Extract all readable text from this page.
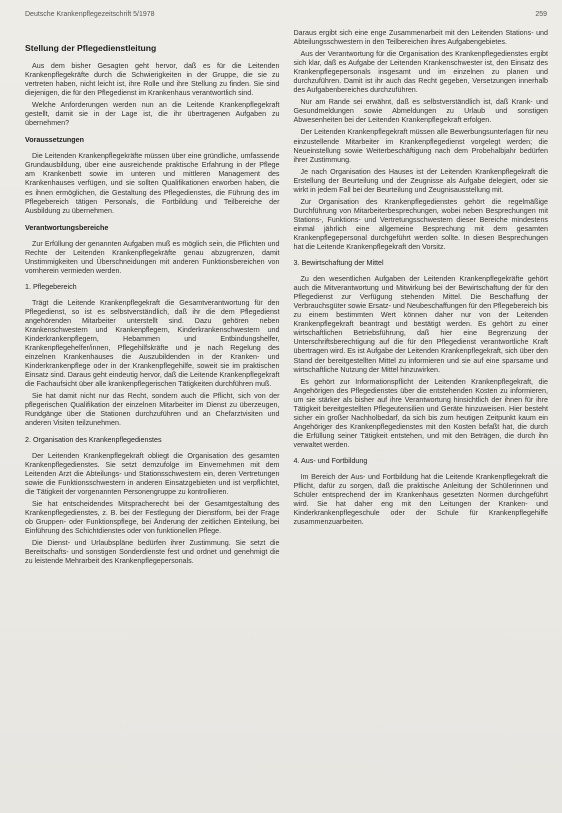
Deutsche Krankenpflegezeitschrift 5/1978	259
Stellung der Pflegedienstleitung

Aus dem bisher Gesagten geht hervor, daß es für die Leitenden Krankenpflegekräfte durch die Schwierigkeiten in der Gruppe, die sie zu vertreten haben, nicht leicht ist, ihre Rolle und ihre Stellung zu finden. Sie sind diejenigen, die für den Pflegedienst im Krankenhaus verantwortlich sind.

Welche Anforderungen werden nun an die Leitende Krankenpflegekraft gestellt, damit sie in der Lage ist, die ihr übertragenen Aufgaben zu übernehmen?

Voraussetzungen

Die Leitenden Krankenpflegekräfte müssen über eine gründliche, umfassende Grundausbildung, über eine ausreichende praktische Erfahrung in der Pflege am Krankenbett sowie im unteren und mittleren Management des Krankenhauses verfügen, und sie sollten Qualifikationen erworben haben, die es ihnen ermöglichen, die Gestaltung des Pflegedienstes, die Führung des im Pflegebereich tätigen Personals, die Fortbildung und Teilbereiche der Ausbildung zu übernehmen.

Verantwortungsbereiche

Zur Erfüllung der genannten Aufgaben muß es möglich sein, die Pflichten und Rechte der Leitenden Krankenpflegekräfte genau abzugrenzen, damit Unstimmigkeiten und Überschneidungen mit anderen Funktionsbereichen von vornherein vermieden werden.

1. Pflegebereich

Trägt die Leitende Krankenpflegekraft die Gesamtverantwortung für den Pflegedienst, so ist es selbstverständlich, daß ihr die dem Pflegedienst angehörenden Mitarbeiter unterstellt sind. Dazu gehören neben Krankenschwestern und Krankenpflegern, Kinderkrankenschwestern und Kinderkrankenpflegern, Hebammen und Entbindungshelfer, Krankenpflegehelfer/innen, Pflegehilfskräfte und je nach Regelung des einzelnen Krankenhauses die Auszubildenden in der Kranken- und Kinderkrankenpflege oder in der Krankenpflegehilfe, soweit sie im praktischen Einsatz sind. Daraus geht eindeutig hervor, daß die Leitende Krankenpflegekraft die Fachaufsicht über alle krankenpflegerischen Tätigkeiten durchführen muß.

Sie hat damit nicht nur das Recht, sondern auch die Pflicht, sich von der pflegerischen Qualifikation der einzelnen Mitarbeiter im Dienst zu überzeugen, Rundgänge über die Stationen durchzuführen und an Chefarztvisiten und anderen Visiten teilzunehmen.

2. Organisation des Krankenpflegedienstes

Der Leitenden Krankenpflegekraft obliegt die Organisation des gesamten Krankenpflegedienstes. Sie setzt demzufolge im Einvernehmen mit dem Leitenden Arzt die Abteilungs- und Stationsschwestern ein, deren Vertretungen sowie die Funktionsschwestern in anderen Einsatzgebieten und ist verpflichtet, die Tätigkeit der vorgenannten Personengruppe zu kontrollieren.

Sie hat entscheidendes Mitspracherecht bei der Gesamtgestaltung des Krankenpflegedienstes, z. B. bei der Festlegung der Dienstform, bei der Frage ob Gruppen- oder Funktionspflege, bei Änderung der zeitlichen Einteilung, bei Einführung des Schichtdienstes oder von funktionellen Pflege.

Die Dienst- und Urlaubspläne bedürfen ihrer Zustimmung. Sie setzt die Bereitschafts- und sonstigen Sonderdienste fest und ordnet und genehmigt die zu leistende Mehrarbeit des Krankenpflegepersonals.

Daraus ergibt sich eine enge Zusammenarbeit mit den Leitenden Stations- und Abteilungsschwestern in den Teilbereichen ihres Aufgabengebietes.

Aus der Verantwortung für die Organisation des Krankenpflegedienstes ergibt sich klar, daß es Aufgabe der Leitenden Krankenschwester ist, den Einsatz des Krankenpflegepersonals insgesamt und im einzelnen zu planen und durchzuführen. Damit ist ihr auch das Recht gegeben, Versetzungen innerhalb des Aufgabenbereiches durchzuführen.

Nur am Rande sei erwähnt, daß es selbstverständlich ist, daß Krank- und Gesundmeldungen sowie Abmeldungen zu Urlaub und sonstigen Abwesenheiten bei der Leitenden Krankenpflegekraft erfolgen.

Der Leitenden Krankenpflegekraft müssen alle Bewerbungsunterlagen für neu einzustellende Mitarbeiter im Krankenpflegedienst vorgelegt werden; die Neueinstellung sowie Weiterbeschäftigung nach dem Probehalbjahr bedürfen ihrer Zustimmung.

Je nach Organisation des Hauses ist der Leitenden Krankenpflegekraft die Erstellung der Beurteilung und der Zeugnisse als Aufgabe delegiert, oder sie wirkt in jedem Fall bei der Beurteilung und Zeugnisausstellung mit.

Zur Organisation des Krankenpflegedienstes gehört die regelmäßige Durchführung von Mitarbeiterbesprechungen, wobei neben Besprechungen mit Stations-, Funktions- und Vertretungsschwestern dieser Bereiche mindestens einmal jährlich eine allgemeine Besprechung mit dem gesamten Krankenpflegepersonal durchgeführt werden sollte. In diesen Besprechungen hat die Leitende Krankenpflegekraft den Vorsitz.

3. Bewirtschaftung der Mittel

Zu den wesentlichen Aufgaben der Leitenden Krankenpflegekräfte gehört auch die Mitverantwortung und Mitwirkung bei der Bewirtschaftung der für den Pflegedienst zur Verfügung stehenden Mittel. Die Beschaffung der Verbrauchsgüter sowie Ersatz- und Neubeschaffungen für den Pflegebereich bis zu einem bestimmten Wert können daher nur von der Leitenden Krankenpflegekraft beantragt und bestätigt werden. Es gehört zu einer wirtschaftlichen Betriebsführung, daß hier eine Begrenzung der Unterschriftsberechtigung auf die für den Pflegedienst verantwortliche Kraft übertragen wird. Es ist Aufgabe der Leitenden Krankenpflegekraft, sich über den Stand der bereitgestellten Mittel zu informieren und sie auf eine sparsame und wirtschaftliche Nutzung der Mittel hinzuwirken.

Es gehört zur Informationspflicht der Leitenden Krankenpflegekraft, die Angehörigen des Pflegedienstes über die entstehenden Kosten zu informieren, um sie stärker als bisher auf ihre Verantwortung hinsichtlich der ihnen für ihre Tätigkeit bereitgestellten Pflegeutensilien und Geräte hinzuweisen. Hier besteht sicher ein großer Nachholbedarf, da sich bis zum heutigen Zeitpunkt kaum ein Angehöriger des Krankenpflegedienstes mit den Kosten befaßt hat, die durch die Erfüllung seiner Tätigkeit entstehen, und mit den Beträgen, die durch ihn verwaltet werden.

4. Aus- und Fortbildung

Im Bereich der Aus- und Fortbildung hat die Leitende Krankenpflegekraft die Pflicht, dafür zu sorgen, daß die praktische Anleitung der Schülerinnen und Schüler entsprechend der im Krankenhaus gesetzten Normen durchgeführt wird. Sie hat daher eng mit den Leitungen der Kranken- und Kinderkrankenpflegeschule oder der Schule für Krankenpflegehilfe zusammenzuarbeiten.
